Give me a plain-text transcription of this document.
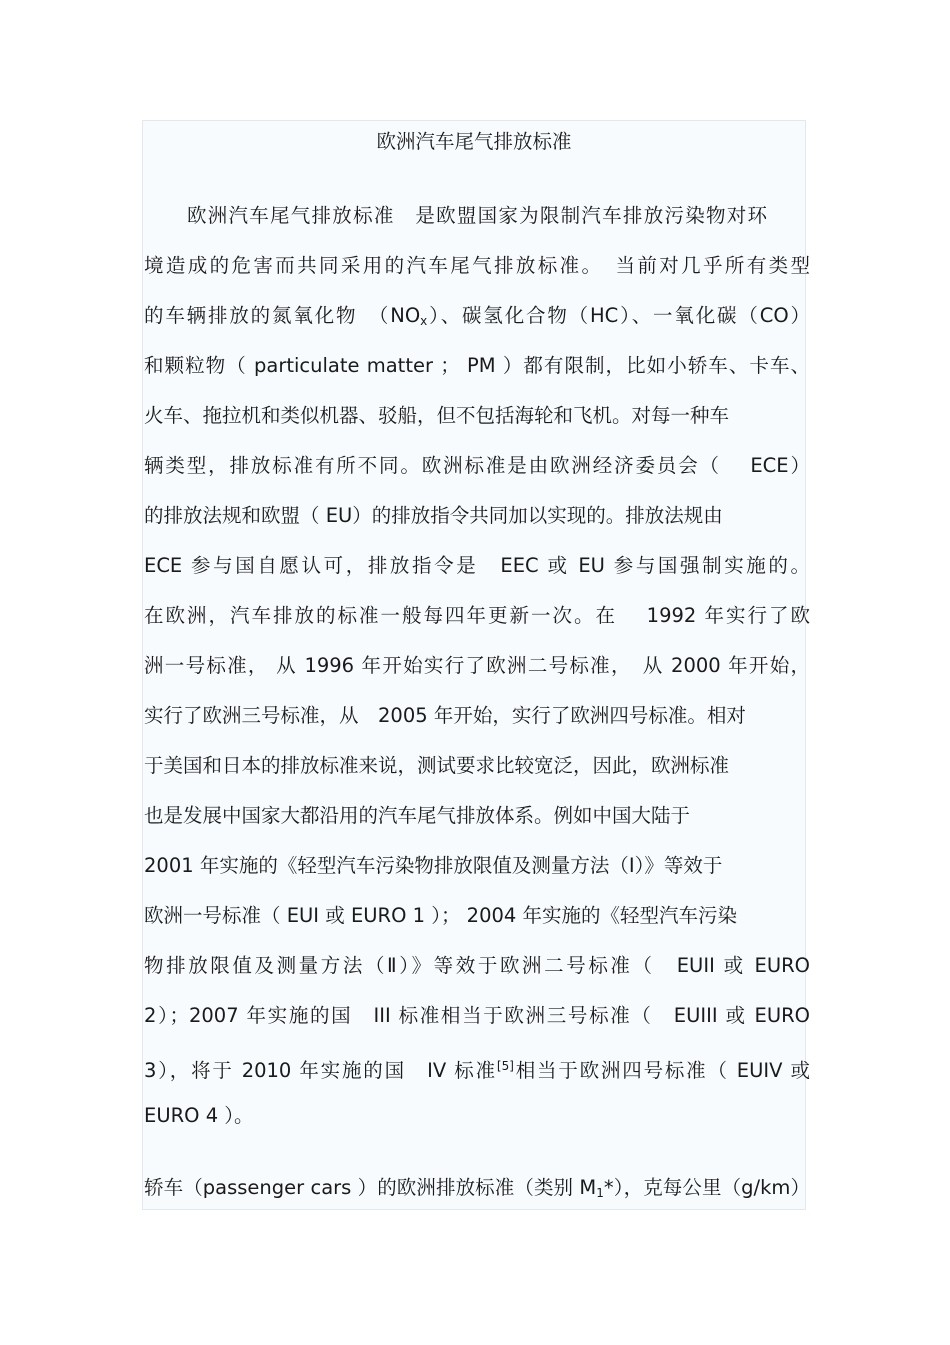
欧洲汽车尾气排放标准
欧洲汽车尾气排放标准　是欧盟国家为限制汽车排放污染物对环
境造成的危害而共同采用的汽车尾气排放标准。　当前对几乎所有类型
的车辆排放的氮氧化物　$(NO_x)$、碳氢化合物（HC）、一氧化碳（CO）
和颗粒物（ particulate matter ； PM ）都有限制，比如小轿车、卡车、
火车、拖拉机和类似机器、驳船，但不包括海轮和飞机。对每一种车
辆类型，排放标准有所不同。欧洲标准是由欧洲经济委员会（　 ECE）
的排放法规和欧盟（ EU）的排放指令共同加以实现的。排放法规由
ECE 参与国自愿认可，排放指令是　EEC 或 EU 参与国强制实施的。
在欧洲，汽车排放的标准一般每四年更新一次。在　 1992 年实行了欧
洲一号标准， 从 1996 年开始实行了欧洲二号标准，　从 2000 年开始，
实行了欧洲三号标准，从　2005 年开始，实行了欧洲四号标准。相对
于美国和日本的排放标准来说，测试要求比较宽泛，因此，欧洲标准
也是发展中国家大都沿用的汽车尾气排放体系。例如中国大陆于
2001 年实施的《轻型汽车污染物排放限值及测量方法（Ⅰ）》等效于
欧洲一号标准（ EUI 或 EURO 1 ）； 2004 年实施的《轻型汽车污染
物排放限值及测量方法（Ⅱ）》等效于欧洲二号标准（　EUII 或 EURO
2）；2007 年实施的国　III 标准相当于欧洲三号标准（　EUIII 或 EURO
3），将于 2010 年实施的国　IV 标准[5]相当于欧洲四号标准（ EUIV 或
EURO 4 ）。
轿车（passenger cars ）的欧洲排放标准（类别 $M_1*$），克每公里（g/km）
